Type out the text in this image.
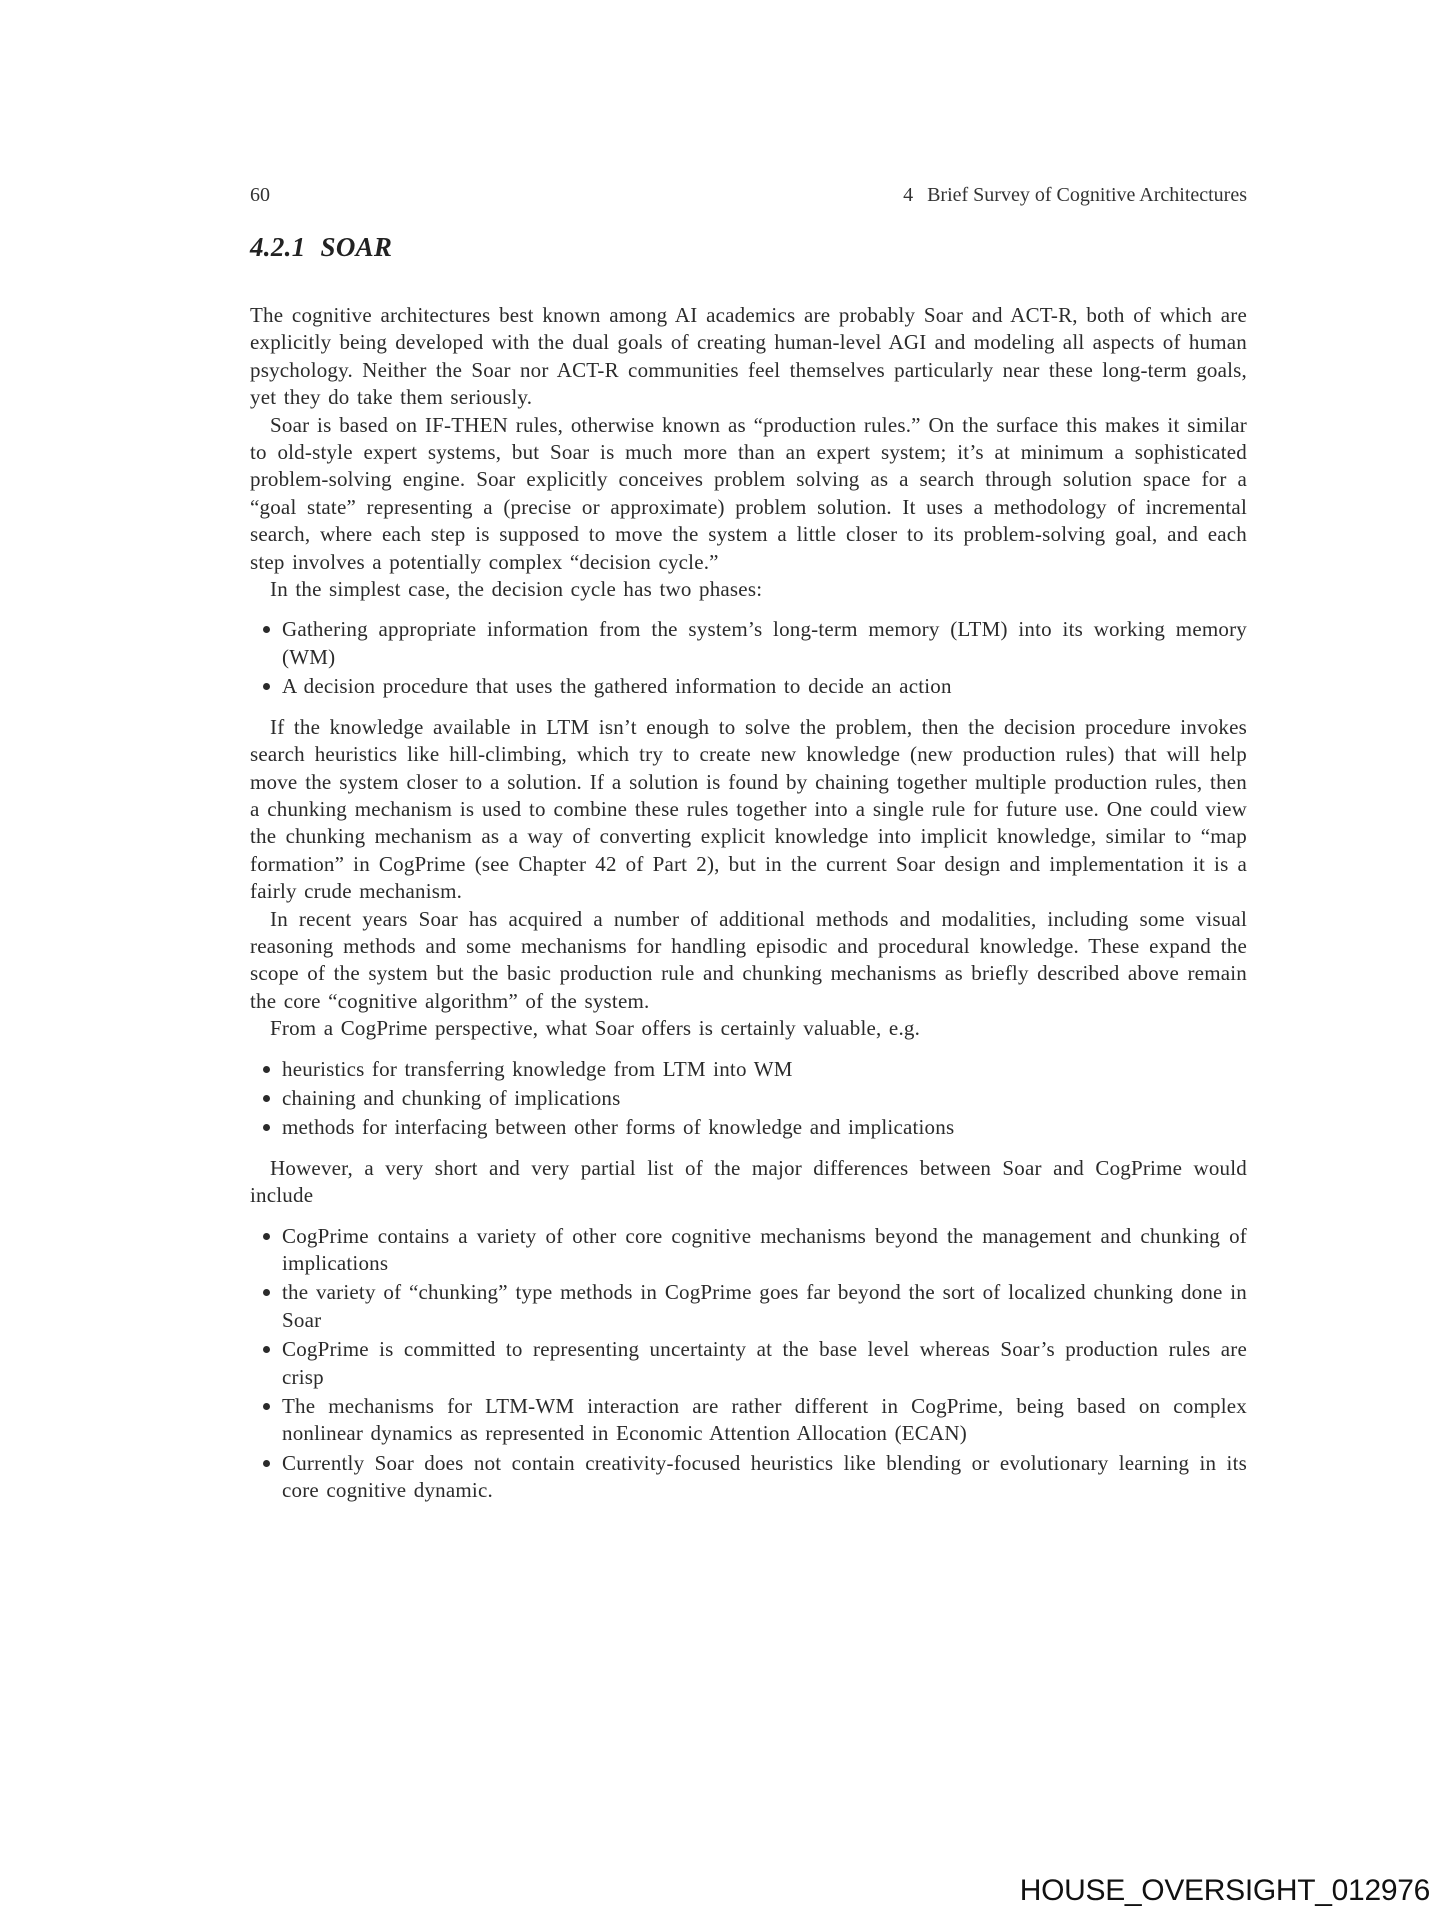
60	4 Brief Survey of Cognitive Architectures
4.2.1 SOAR

The cognitive architectures best known among AI academics are probably Soar and ACT-R, both of which are explicitly being developed with the dual goals of creating human-level AGI and modeling all aspects of human psychology. Neither the Soar nor ACT-R communities feel themselves particularly near these long-term goals, yet they do take them seriously.

Soar is based on IF-THEN rules, otherwise known as “production rules.” On the surface this makes it similar to old-style expert systems, but Soar is much more than an expert system; it’s at minimum a sophisticated problem-solving engine. Soar explicitly conceives problem solving as a search through solution space for a “goal state” representing a (precise or approximate) problem solution. It uses a methodology of incremental search, where each step is supposed to move the system a little closer to its problem-solving goal, and each step involves a potentially complex “decision cycle.”

In the simplest case, the decision cycle has two phases:

Gathering appropriate information from the system’s long-term memory (LTM) into its working memory (WM)
A decision procedure that uses the gathered information to decide an action

If the knowledge available in LTM isn’t enough to solve the problem, then the decision procedure invokes search heuristics like hill-climbing, which try to create new knowledge (new production rules) that will help move the system closer to a solution. If a solution is found by chaining together multiple production rules, then a chunking mechanism is used to combine these rules together into a single rule for future use. One could view the chunking mechanism as a way of converting explicit knowledge into implicit knowledge, similar to “map formation” in CogPrime (see Chapter 42 of Part 2), but in the current Soar design and implementation it is a fairly crude mechanism.

In recent years Soar has acquired a number of additional methods and modalities, including some visual reasoning methods and some mechanisms for handling episodic and procedural knowledge. These expand the scope of the system but the basic production rule and chunking mechanisms as briefly described above remain the core “cognitive algorithm” of the system.

From a CogPrime perspective, what Soar offers is certainly valuable, e.g.

heuristics for transferring knowledge from LTM into WM
chaining and chunking of implications
methods for interfacing between other forms of knowledge and implications

However, a very short and very partial list of the major differences between Soar and CogPrime would include

CogPrime contains a variety of other core cognitive mechanisms beyond the management and chunking of implications
the variety of “chunking” type methods in CogPrime goes far beyond the sort of localized chunking done in Soar
CogPrime is committed to representing uncertainty at the base level whereas Soar’s production rules are crisp
The mechanisms for LTM-WM interaction are rather different in CogPrime, being based on complex nonlinear dynamics as represented in Economic Attention Allocation (ECAN)
Currently Soar does not contain creativity-focused heuristics like blending or evolutionary learning in its core cognitive dynamic.
HOUSE_OVERSIGHT_012976
